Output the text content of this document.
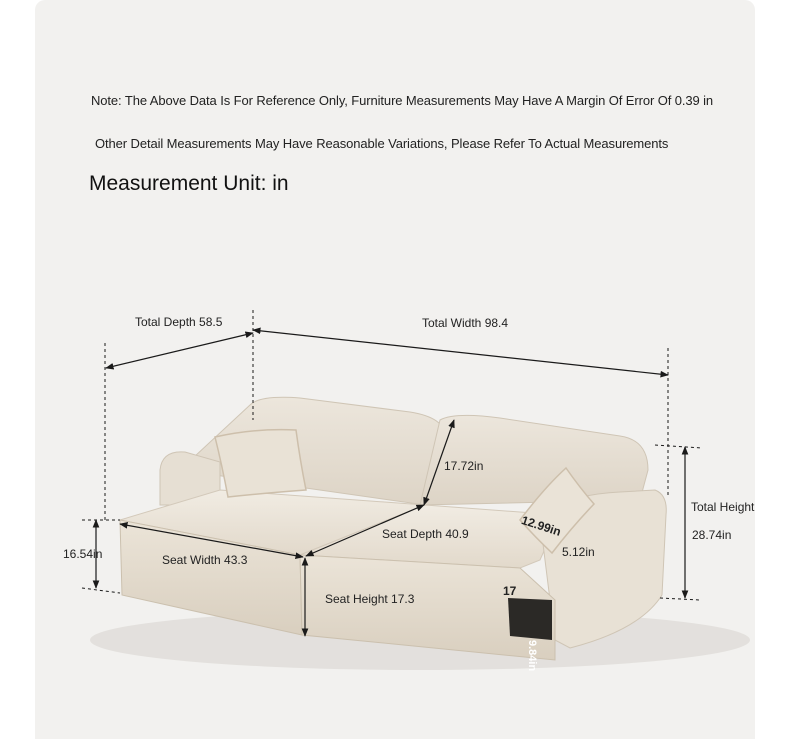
Note: The Above Data Is For Reference Only, Furniture Measurements May Have A Margin Of Error Of 0.39 in
Other Detail Measurements May Have Reasonable Variations, Please Refer To Actual Measurements
Measurement Unit: in
Total Depth 58.5	Total Width 98.4
17.72in
Total Height
28.74in
12.99in
5.12in
Seat Depth 40.9
Seat Width 43.3
16.54in
Seat Height 17.3
17
9.84in
